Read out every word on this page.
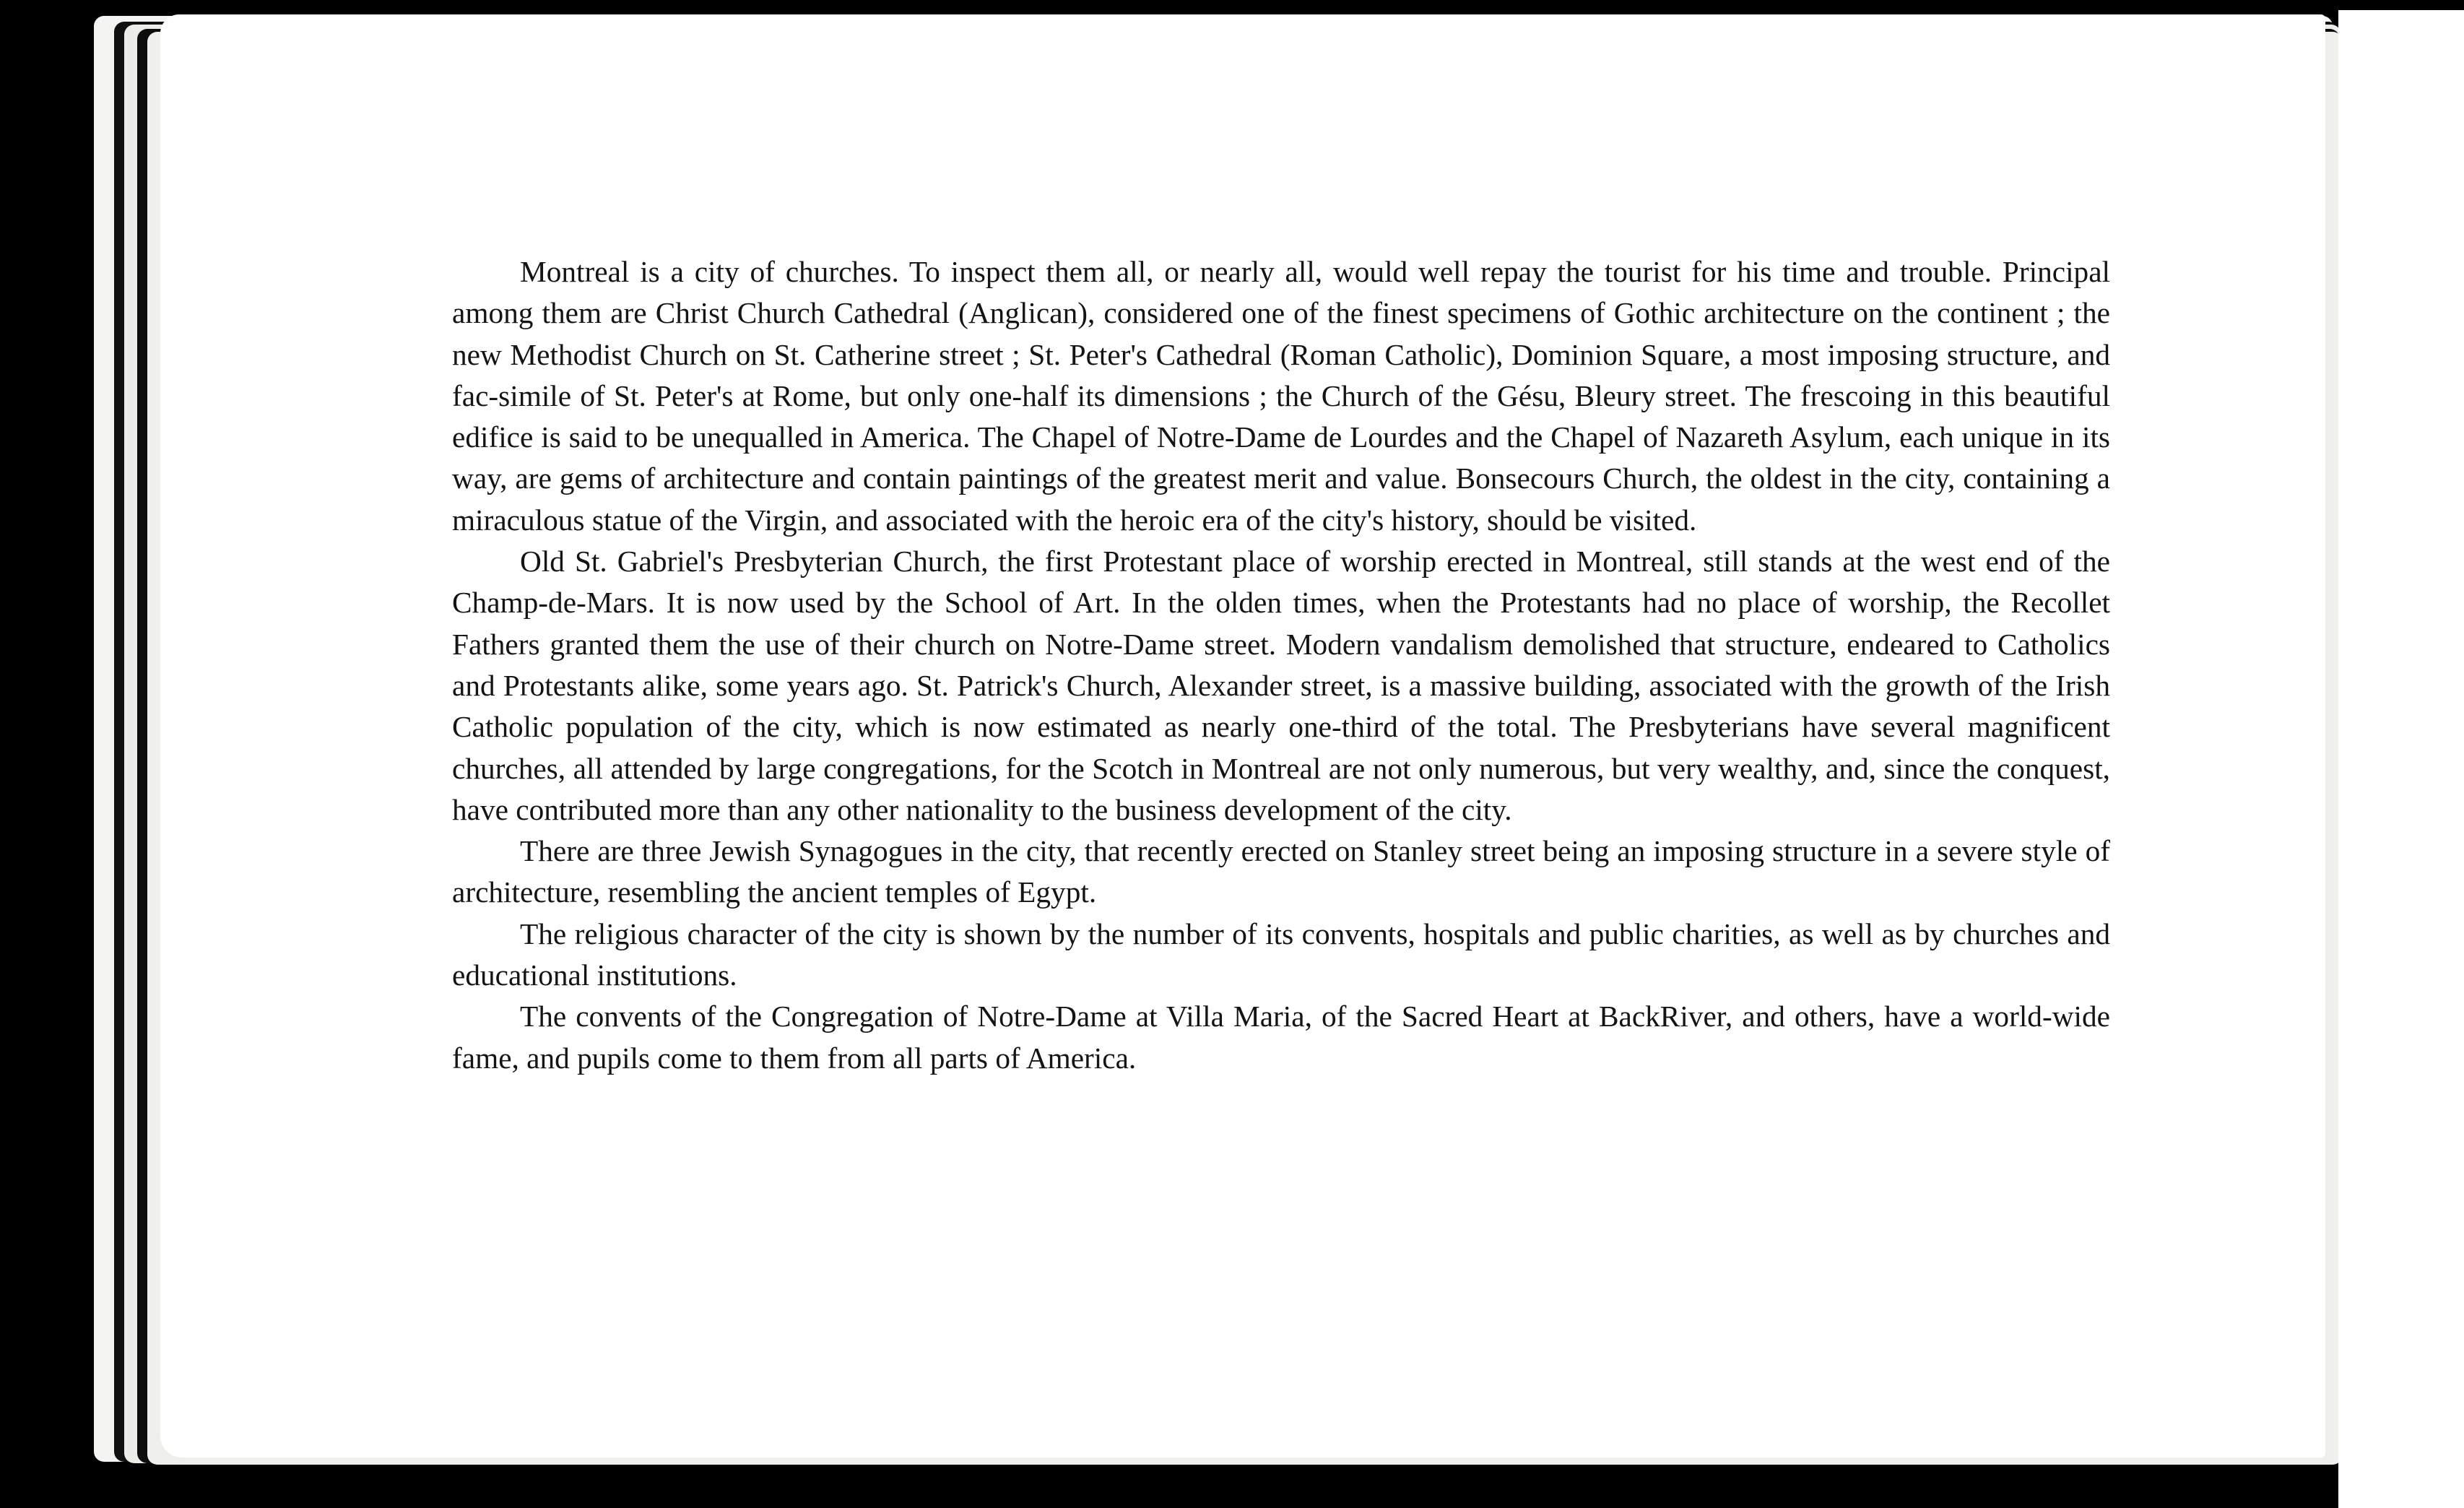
Montreal is a city of churches. To inspect them all, or nearly all, would well repay the tourist for his time and trouble. Principal among them are Christ Church Cathedral (Anglican), considered one of the finest specimens of Gothic architecture on the continent ; the new Methodist Church on St. Catherine street ; St. Peter's Cathedral (Roman Catholic), Dominion Square, a most imposing structure, and fac-simile of St. Peter's at Rome, but only one-half its dimensions ; the Church of the Gésu, Bleury street. The frescoing in this beautiful edifice is said to be unequalled in America. The Chapel of Notre-Dame de Lourdes and the Chapel of Nazareth Asylum, each unique in its way, are gems of architecture and contain paintings of the greatest merit and value. Bonsecours Church, the oldest in the city, containing a miraculous statue of the Virgin, and associated with the heroic era of the city's history, should be visited.

Old St. Gabriel's Presbyterian Church, the first Protestant place of worship erected in Montreal, still stands at the west end of the Champ-de-Mars. It is now used by the School of Art. In the olden times, when the Protestants had no place of worship, the Recollet Fathers granted them the use of their church on Notre-Dame street. Modern vandalism demolished that structure, endeared to Catholics and Protestants alike, some years ago. St. Patrick's Church, Alexander street, is a massive building, associated with the growth of the Irish Catholic population of the city, which is now estimated as nearly one-third of the total. The Presbyterians have several magnificent churches, all attended by large congregations, for the Scotch in Montreal are not only numerous, but very wealthy, and, since the conquest, have contributed more than any other nationality to the business development of the city.

There are three Jewish Synagogues in the city, that recently erected on Stanley street being an imposing structure in a severe style of architecture, resembling the ancient temples of Egypt.

The religious character of the city is shown by the number of its convents, hospitals and public charities, as well as by churches and educational institutions.

The convents of the Congregation of Notre-Dame at Villa Maria, of the Sacred Heart at BackRiver, and others, have a world-wide fame, and pupils come to them from all parts of America.
